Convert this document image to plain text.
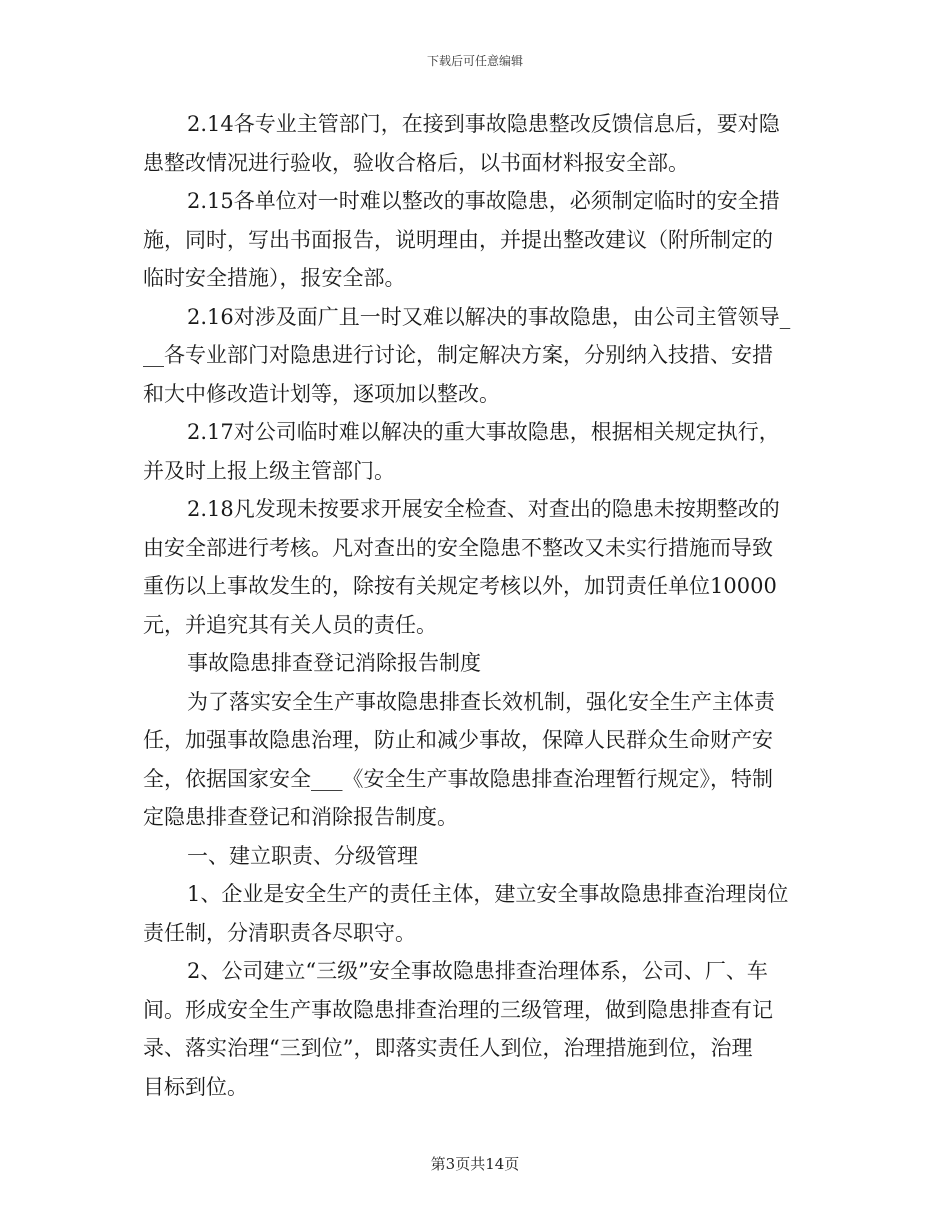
下载后可任意编辑

2.14各专业主管部门，在接到事故隐患整改反馈信息后，要对隐
患整改情况进行验收，验收合格后，以书面材料报安全部。

2.15各单位对一时难以整改的事故隐患，必须制定临时的安全措
施，同时，写出书面报告，说明理由，并提出整改建议（附所制定的
临时安全措施），报安全部。

2.16对涉及面广且一时又难以解决的事故隐患，由公司主管领导_
__各专业部门对隐患进行讨论，制定解决方案，分别纳入技措、安措
和大中修改造计划等，逐项加以整改。

2.17对公司临时难以解决的重大事故隐患，根据相关规定执行，
并及时上报上级主管部门。

2.18凡发现未按要求开展安全检查、对查出的隐患未按期整改的
由安全部进行考核。凡对查出的安全隐患不整改又未实行措施而导致
重伤以上事故发生的，除按有关规定考核以外，加罚责任单位10000
元，并追究其有关人员的责任。

事故隐患排查登记消除报告制度

为了落实安全生产事故隐患排查长效机制，强化安全生产主体责
任，加强事故隐患治理，防止和减少事故，保障人民群众生命财产安
全，依据国家安全___《安全生产事故隐患排查治理暂行规定》，特制
定隐患排查登记和消除报告制度。

一、建立职责、分级管理

1、企业是安全生产的责任主体，建立安全事故隐患排查治理岗位
责任制，分清职责各尽职守。

2、公司建立“三级”安全事故隐患排查治理体系，公司、厂、车
间。形成安全生产事故隐患排查治理的三级管理，做到隐患排查有记
录、落实治理“三到位”，即落实责任人到位，治理措施到位，治理
目标到位。

第3页共14页
